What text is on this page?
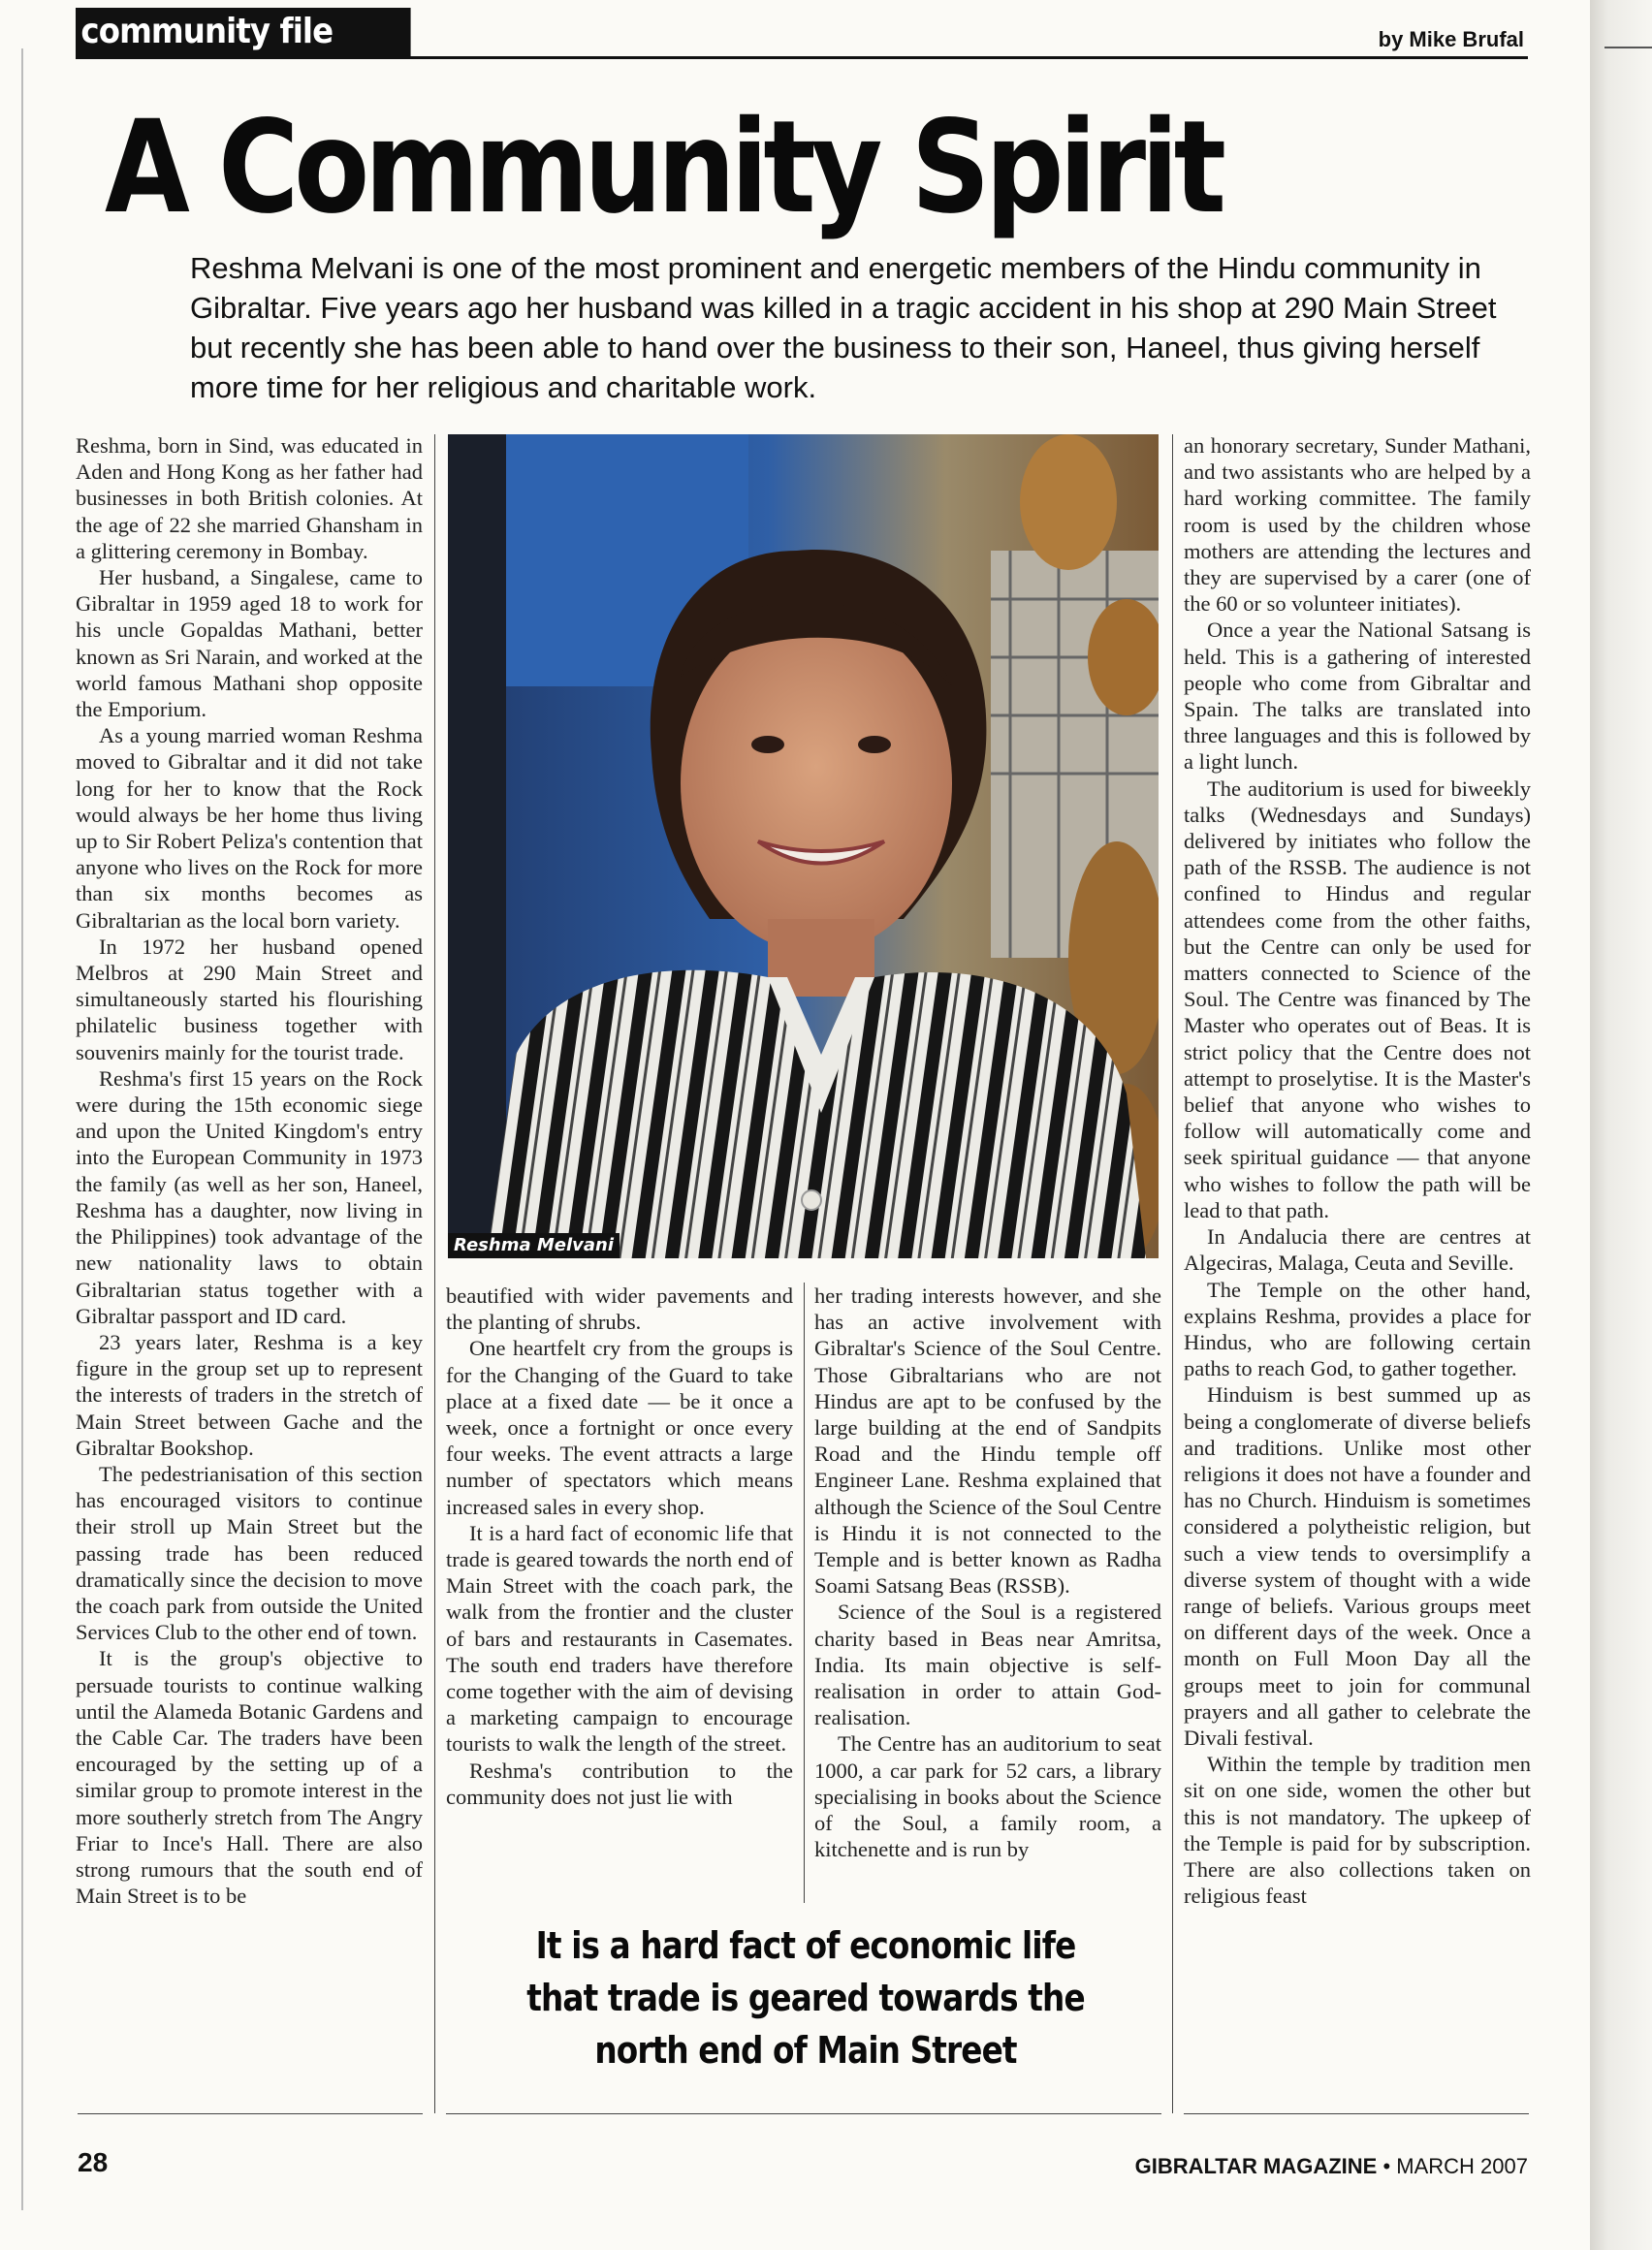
community file	by Mike Brufal
A Community Spirit
Reshma Melvani is one of the most prominent and energetic members of the Hindu community in Gibraltar. Five years ago her husband was killed in a tragic accident in his shop at 290 Main Street but recently she has been able to hand over the business to their son, Haneel, thus giving herself more time for her religious and charitable work.

Reshma, born in Sind, was educated in Aden and Hong Kong as her father had businesses in both British colonies. At the age of 22 she married Ghansham in a glittering ceremony in Bombay.

Her husband, a Singalese, came to Gibraltar in 1959 aged 18 to work for his uncle Gopaldas Mathani, better known as Sri Narain, and worked at the world famous Mathani shop opposite the Emporium.

As a young married woman Reshma moved to Gibraltar and it did not take long for her to know that the Rock would always be her home thus living up to Sir Robert Peliza's contention that anyone who lives on the Rock for more than six months becomes as Gibraltarian as the local born variety.

In 1972 her husband opened Melbros at 290 Main Street and simultaneously started his flourishing philatelic business together with souvenirs mainly for the tourist trade.

Reshma's first 15 years on the Rock were during the 15th economic siege and upon the United Kingdom's entry into the European Community in 1973 the family (as well as her son, Haneel, Reshma has a daughter, now living in the Philippines) took advantage of the new nationality laws to obtain Gibraltarian status together with a Gibraltar passport and ID card.

23 years later, Reshma is a key figure in the group set up to represent the interests of traders in the stretch of Main Street between Gache and the Gibraltar Bookshop.

The pedestrianisation of this section has encouraged visitors to continue their stroll up Main Street but the passing trade has been reduced dramatically since the decision to move the coach park from outside the United Services Club to the other end of town.

It is the group's objective to persuade tourists to continue walking until the Alameda Botanic Gardens and the Cable Car. The traders have been encouraged by the setting up of a similar group to promote interest in the more southerly stretch from The Angry Friar to Ince's Hall. There are also strong rumours that the south end of Main Street is to be

Reshma Melvani

beautified with wider pavements and the planting of shrubs.

One heartfelt cry from the groups is for the Changing of the Guard to take place at a fixed date — be it once a week, once a fortnight or once every four weeks. The event attracts a large number of spectators which means increased sales in every shop.

It is a hard fact of economic life that trade is geared towards the north end of Main Street with the coach park, the walk from the frontier and the cluster of bars and restaurants in Casemates. The south end traders have therefore come together with the aim of devising a marketing campaign to encourage tourists to walk the length of the street.

Reshma's contribution to the community does not just lie with

her trading interests however, and she has an active involvement with Gibraltar's Science of the Soul Centre. Those Gibraltarians who are not Hindus are apt to be confused by the large building at the end of Sandpits Road and the Hindu temple off Engineer Lane. Reshma explained that although the Science of the Soul Centre is Hindu it is not connected to the Temple and is better known as Radha Soami Satsang Beas (RSSB).

Science of the Soul is a registered charity based in Beas near Amritsa, India. Its main objective is self-realisation in order to attain God-realisation.

The Centre has an auditorium to seat 1000, a car park for 52 cars, a library specialising in books about the Science of the Soul, a family room, a kitchenette and is run by

an honorary secretary, Sunder Mathani, and two assistants who are helped by a hard working committee. The family room is used by the children whose mothers are attending the lectures and they are supervised by a carer (one of the 60 or so volunteer initiates).

Once a year the National Satsang is held. This is a gathering of interested people who come from Gibraltar and Spain. The talks are translated into three languages and this is followed by a light lunch.

The auditorium is used for biweekly talks (Wednesdays and Sundays) delivered by initiates who follow the path of the RSSB. The audience is not confined to Hindus and regular attendees come from the other faiths, but the Centre can only be used for matters connected to Science of the Soul. The Centre was financed by The Master who operates out of Beas. It is strict policy that the Centre does not attempt to proselytise. It is the Master's belief that anyone who wishes to follow will automatically come and seek spiritual guidance — that anyone who wishes to follow the path will be lead to that path.

In Andalucia there are centres at Algeciras, Malaga, Ceuta and Seville.

The Temple on the other hand, explains Reshma, provides a place for Hindus, who are following certain paths to reach God, to gather together.

Hinduism is best summed up as being a conglomerate of diverse beliefs and traditions. Unlike most other religions it does not have a founder and has no Church. Hinduism is sometimes considered a polytheistic religion, but such a view tends to oversimplify a diverse system of thought with a wide range of beliefs. Various groups meet on different days of the week. Once a month on Full Moon Day all the groups meet to join for communal prayers and all gather to celebrate the Divali festival.

Within the temple by tradition men sit on one side, women the other but this is not mandatory. The upkeep of the Temple is paid for by subscription. There are also collections taken on religious feast

It is a hard fact of economic life that trade is geared towards the north end of Main Street
28	GIBRALTAR MAGAZINE • MARCH 2007
